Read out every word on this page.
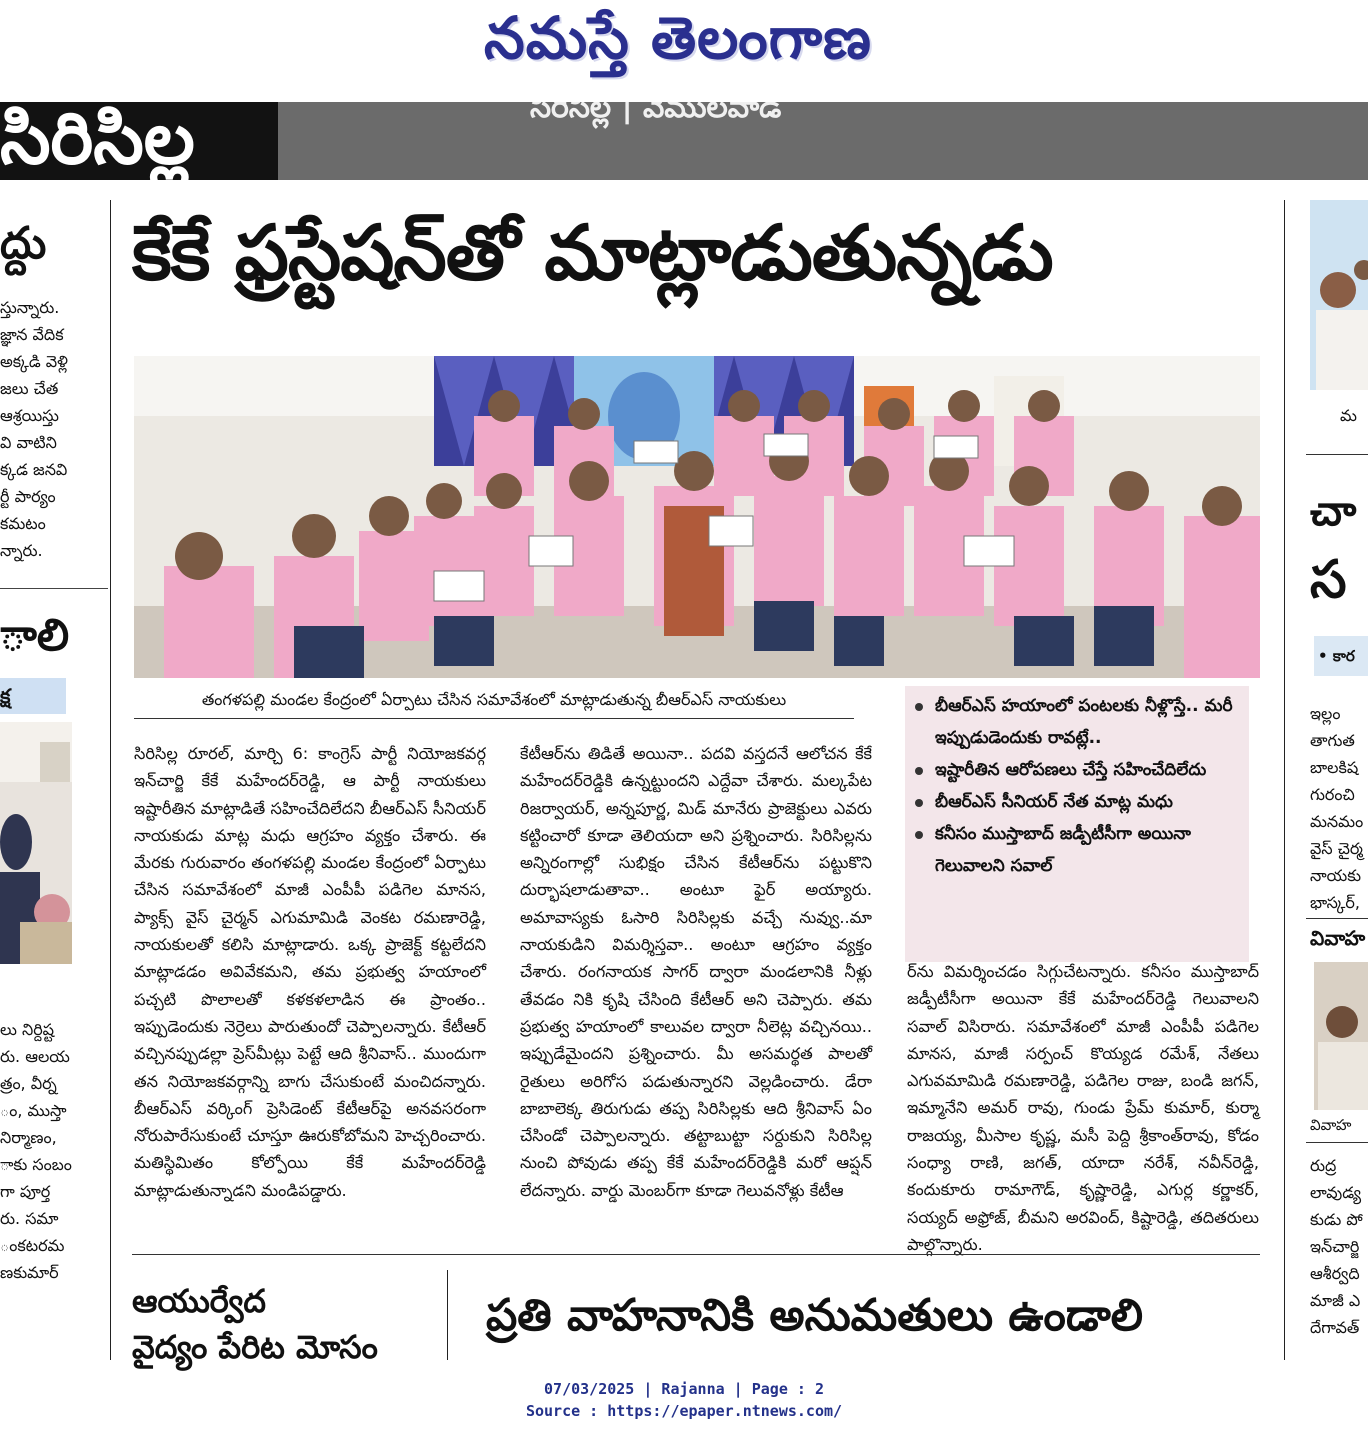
నమస్తే తెలంగాణ
సిరిసిల్ల	సిరిసిల్ల | వేములవాడ
ద్దు
స్తున్నారు.
జ్ఞాన వేదిక
అక్కడి వెళ్లి
జలు చేత
ఆశ్రయిస్తు
వి వాటిని
క్కడ జనవి
ర్టీ పార్యం
కమటం
న్నారు.
ాలి
క్ష
లు నిర్దిష్ట
రు. ఆలయ
త్రం, వీర్న
ం, ముస్తా
నిర్మాణం,
ాకు సంబం
గా పూర్త
రు. సమా
ంకటరమ
ణకుమార్
కేకే ఫ్రస్టేషన్‌తో మాట్లాడుతున్నడు
తంగళపల్లి మండల కేంద్రంలో ఏర్పాటు చేసిన సమావేశంలో మాట్లాడుతున్న బీఆర్ఎస్ నాయకులు
సిరిసిల్ల రూరల్, మార్చి 6: కాంగ్రెస్ పార్టీ నియోజకవర్గ ఇన్‌చార్జి కేకే మహేందర్‌రెడ్డి, ఆ పార్టీ నాయకులు ఇష్టారీతిన మాట్లాడితే సహించేదిలేదని బీఆర్ఎస్ సీనియర్ నాయకుడు మాట్ల మధు ఆగ్రహం వ్యక్తం చేశారు. ఈ మేరకు గురువారం తంగళపల్లి మండల కేంద్రంలో ఏర్పాటు చేసిన సమావేశంలో మాజీ ఎంపీపీ పడిగెల మానస, ప్యాక్స్ వైస్ చైర్మన్ ఎగుమామిడి వెంకట రమణారెడ్డి, నాయకులతో కలిసి మాట్లాడారు. ఒక్క ప్రాజెక్ట్ కట్టలేదని మాట్లాడడం అవివేకమని, తమ ప్రభుత్వ హయాంలో పచ్చటి పొలాలతో కళకళలాడిన ఈ ప్రాంతం.. ఇప్పుడెందుకు నెర్రెలు పారుతుందో చెప్పాలన్నారు. కేటీఆర్ వచ్చినప్పుడల్లా ప్రెస్‌మీట్లు పెట్టే ఆది శ్రీనివాస్.. ముందుగా తన నియోజకవర్గాన్ని బాగు చేసుకుంటే మంచిదన్నారు. బీఆర్ఎస్ వర్కింగ్ ప్రెసిడెంట్ కేటీఆర్‌పై అనవసరంగా నోరుపారేసుకుంటే చూస్తూ ఊరుకోబోమని హెచ్చరించారు. మతిస్థిమితం కోల్పోయి కేకే మహేందర్‌రెడ్డి మాట్లాడుతున్నాడని మండిపడ్డారు.
కేటీఆర్‌ను తిడితే అయినా.. పదవి వస్తదనే ఆలోచన కేకే మహేందర్‌రెడ్డికి ఉన్నట్టుందని ఎద్దేవా చేశారు. మల్కపేట రిజర్వాయర్, అన్నపూర్ణ, మిడ్ మానేరు ప్రాజెక్టులు ఎవరు కట్టించారో కూడా తెలియదా అని ప్రశ్నించారు. సిరిసిల్లను అన్నిరంగాల్లో సుభిక్షం చేసిన కేటీఆర్‌ను పట్టుకొని దుర్భాషలాడుతావా.. అంటూ ఫైర్ అయ్యారు. అమావాస్యకు ఓసారి సిరిసిల్లకు వచ్చే నువ్వు..మా నాయకుడిని విమర్శిస్తవా.. అంటూ ఆగ్రహం వ్యక్తం చేశారు. రంగనాయక సాగర్ ద్వారా మండలానికి నీళ్లు తేవడం నికి కృషి చేసింది కేటీఆర్ అని చెప్పారు. తమ ప్రభుత్వ హయాంలో కాలువల ద్వారా నీలెట్ల వచ్చినయి.. ఇప్పుడేమైందని ప్రశ్నించారు. మీ అసమర్థత పాలతో రైతులు అరిగోస పడుతున్నారని వెల్లడించారు. డేరా బాబాలెక్క తిరుగుడు తప్ప సిరిసిల్లకు ఆది శ్రీనివాస్ ఏం చేసిండో చెప్పాలన్నారు. తట్టాబుట్టా సర్దుకుని సిరిసిల్ల నుంచి పోవుడు తప్ప కేకే మహేందర్‌రెడ్డికి మరో ఆప్షన్ లేదన్నారు. వార్డు మెంబర్‌గా కూడా గెలువనోళ్లు కేటీఆ
ర్‌ను విమర్శించడం సిగ్గుచేటన్నారు. కనీసం ముస్తాబాద్ జడ్పీటీసీగా అయినా కేకే మహేందర్‌రెడ్డి గెలువాలని సవాల్ విసిరారు. సమావేశంలో మాజీ ఎంపీపీ పడిగెల మానస, మాజీ సర్పంచ్ కొయ్యడ రమేశ్, నేతలు ఎగువమామిడి రమణారెడ్డి, పడిగెల రాజు, బండి జగన్, ఇమ్మానేని అమర్ రావు, గుండు ప్రేమ్ కుమార్, కుర్మా రాజయ్య, మీసాల కృష్ణ, మసీ పెద్ది శ్రీకాంత్‌రావు, కోడం సంధ్యా రాణి, జగత్, యాదా నరేశ్, నవీన్‌రెడ్డి, కందుకూరు రామాగౌడ్, కృష్ణారెడ్డి, ఎగుర్ల కర్ణాకర్, సయ్యద్ అఫ్రోజ్, బీమని అరవింద్, కిష్టారెడ్డి, తదితరులు పాల్గొన్నారు.
బీఆర్ఎస్ హయాంలో పంటలకు నీళ్లొస్తే.. మరీ ఇప్పుడుడెందుకు రావట్లే..
ఇష్టారీతిన ఆరోపణలు చేస్తే సహించేదిలేదు
బీఆర్ఎస్ సీనియర్ నేత మాట్ల మధు
కనీసం ముస్తాబాద్ జడ్పీటీసీగా అయినా గెలువాలని సవాల్
ఆయుర్వేద
వైద్యం పేరిట మోసం
ప్రతి వాహనానికి అనుమతులు ఉండాలి
మ
చా
స
• కార
ఇల్లం
తాగుత
బాలకిష
గురంచి
మనమం
వైస్ చైర్మ
నాయకు
భాస్కర్,
వివాహ
వివాహ
రుద్ర
లావుడ్య
కుడు పో
ఇన్‌చార్జి
ఆశీర్వది
మాజీ ఎ
దేగావత్
07/03/2025 | Rajanna | Page : 2
Source : https://epaper.ntnews.com/
